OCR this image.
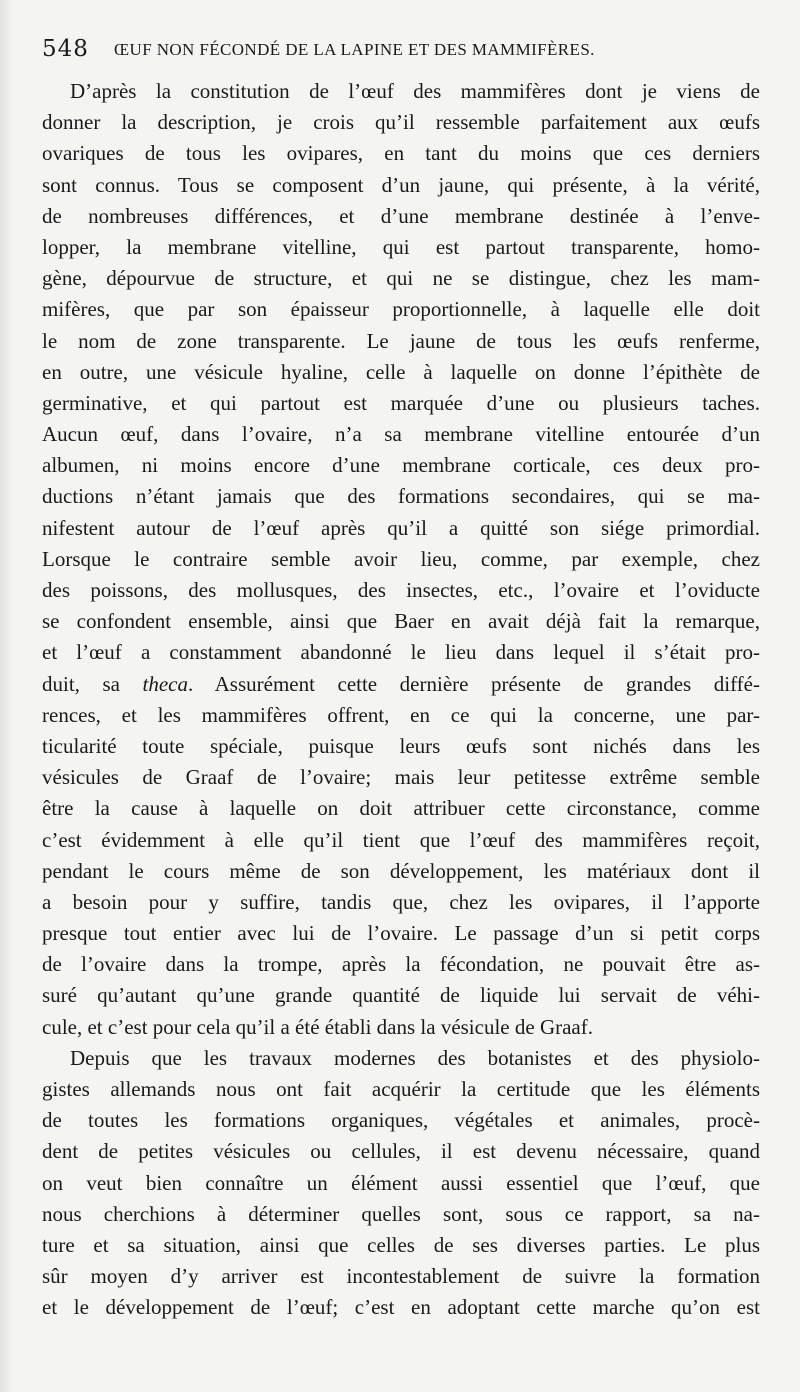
548 ŒUF NON FÉCONDÉ DE LA LAPINE ET DES MAMMIFÈRES.
D’après la constitution de l’œuf des mammifères dont je viens de
donner la description, je crois qu’il ressemble parfaitement aux œufs
ovariques de tous les ovipares, en tant du moins que ces derniers
sont connus. Tous se composent d’un jaune, qui présente, à la vérité,
de nombreuses différences, et d’une membrane destinée à l’enve-
lopper, la membrane vitelline, qui est partout transparente, homo-
gène, dépourvue de structure, et qui ne se distingue, chez les mam-
mifères, que par son épaisseur proportionnelle, à laquelle elle doit
le nom de zone transparente. Le jaune de tous les œufs renferme,
en outre, une vésicule hyaline, celle à laquelle on donne l’épithète de
germinative, et qui partout est marquée d’une ou plusieurs taches.
Aucun œuf, dans l’ovaire, n’a sa membrane vitelline entourée d’un
albumen, ni moins encore d’une membrane corticale, ces deux pro-
ductions n’étant jamais que des formations secondaires, qui se ma-
nifestent autour de l’œuf après qu’il a quitté son siége primordial.
Lorsque le contraire semble avoir lieu, comme, par exemple, chez
des poissons, des mollusques, des insectes, etc., l’ovaire et l’oviducte
se confondent ensemble, ainsi que Baer en avait déjà fait la remarque,
et l’œuf a constamment abandonné le lieu dans lequel il s’était pro-
duit, sa theca. Assurément cette dernière présente de grandes diffé-
rences, et les mammifères offrent, en ce qui la concerne, une par-
ticularité toute spéciale, puisque leurs œufs sont nichés dans les
vésicules de Graaf de l’ovaire; mais leur petitesse extrême semble
être la cause à laquelle on doit attribuer cette circonstance, comme
c’est évidemment à elle qu’il tient que l’œuf des mammifères reçoit,
pendant le cours même de son développement, les matériaux dont il
a besoin pour y suffire, tandis que, chez les ovipares, il l’apporte
presque tout entier avec lui de l’ovaire. Le passage d’un si petit corps
de l’ovaire dans la trompe, après la fécondation, ne pouvait être as-
suré qu’autant qu’une grande quantité de liquide lui servait de véhi-
cule, et c’est pour cela qu’il a été établi dans la vésicule de Graaf.
Depuis que les travaux modernes des botanistes et des physiolo-
gistes allemands nous ont fait acquérir la certitude que les éléments
de toutes les formations organiques, végétales et animales, procè-
dent de petites vésicules ou cellules, il est devenu nécessaire, quand
on veut bien connaître un élément aussi essentiel que l’œuf, que
nous cherchions à déterminer quelles sont, sous ce rapport, sa na-
ture et sa situation, ainsi que celles de ses diverses parties. Le plus
sûr moyen d’y arriver est incontestablement de suivre la formation
et le développement de l’œuf; c’est en adoptant cette marche qu’on est
